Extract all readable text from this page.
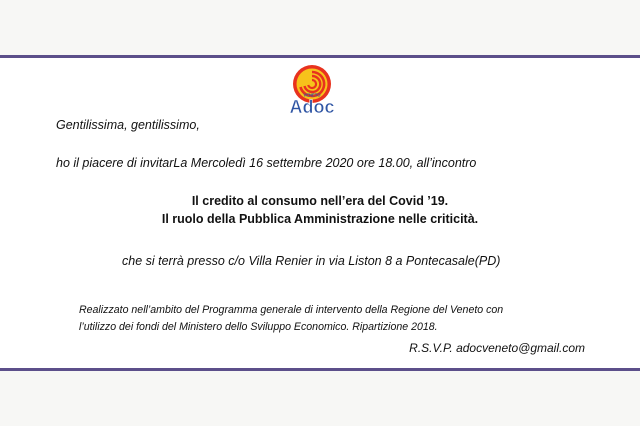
VENETO
Adoc
Gentilissima, gentilissimo,
ho il piacere di invitarLa Mercoledì 16 settembre 2020 ore 18.00, all’incontro
Il credito al consumo nell’era del Covid ’19.
Il ruolo della Pubblica Amministrazione nelle criticità.
che si terrà presso c/o Villa Renier in via Liston 8 a Pontecasale(PD)
Realizzato nell’ambito del Programma generale di intervento della Regione del Veneto con
l’utilizzo dei fondi del Ministero dello Sviluppo Economico. Ripartizione 2018.
R.S.V.P. adocveneto@gmail.com
